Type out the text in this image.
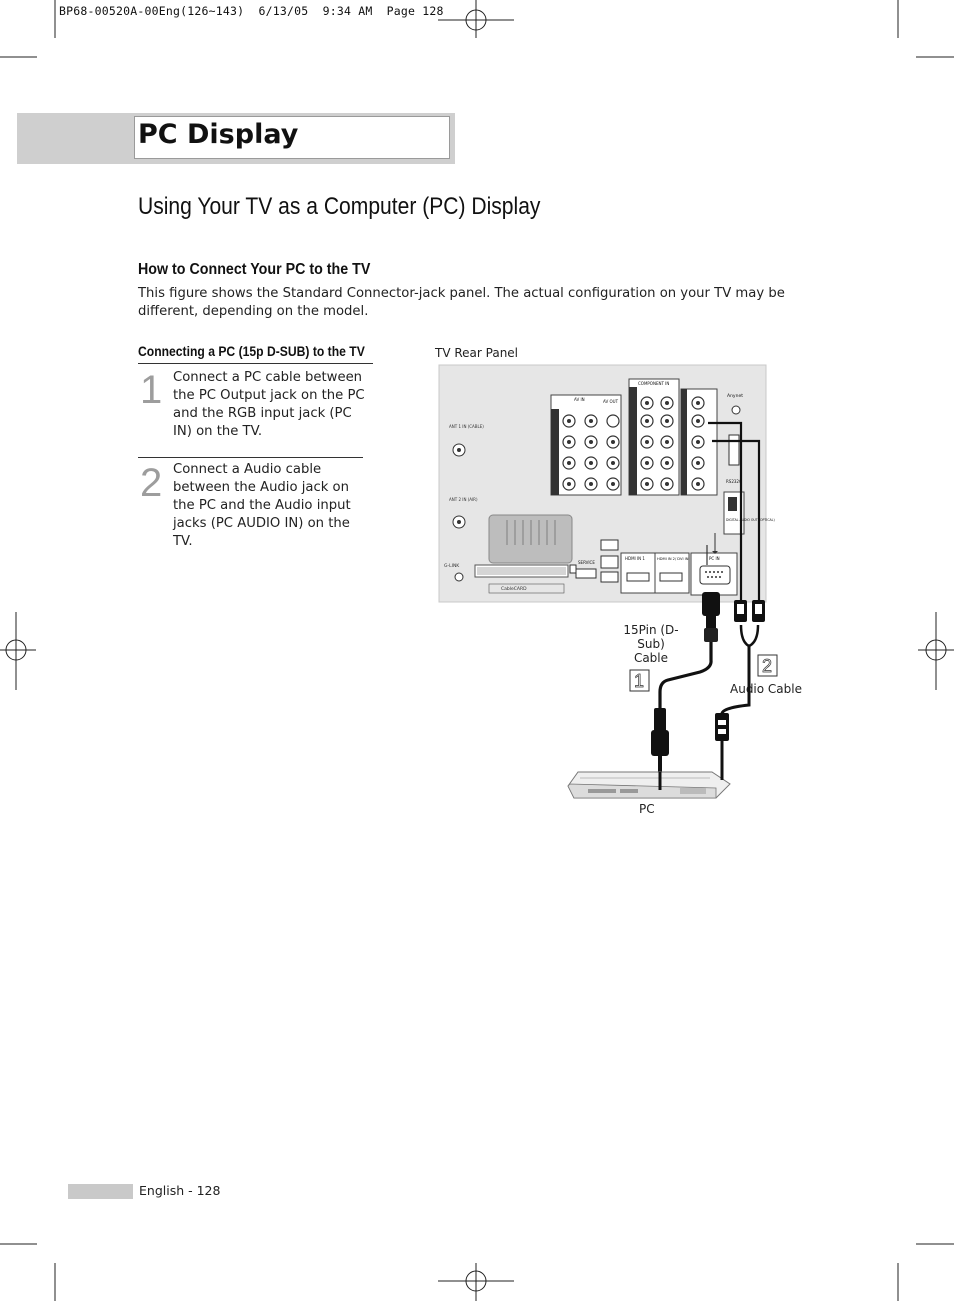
BP68-00520A-00Eng(126~143)  6/13/05  9:34 AM  Page 128
PC Display
Using Your TV as a Computer (PC) Display
How to Connect Your PC to the TV
This figure shows the Standard Connector-jack panel. The actual configuration on your TV may be different, depending on the model.
Connecting a PC (15p D-SUB) to the TV
1 Connect a PC cable between the PC Output jack on the PC and the RGB input jack (PC IN) on the TV.
2 Connect a Audio cable between the Audio jack on the PC and the Audio input jacks (PC AUDIO IN) on the TV.
TV Rear Panel
15Pin (D-Sub)
Cable
Audio Cable
PC
ANT 1 IN (CABLE)
ANT 2 IN (AIR)
G-LINK
CableCARD
AV IN	AV OUT
COMPONENT IN
Anynet
RS232C
DIGITAL AUDIO OUT (OPTICAL)
SERVICE
HDMI IN 1	HDMI IN 2/ DVI IN	PC IN
1
2
English - 128
